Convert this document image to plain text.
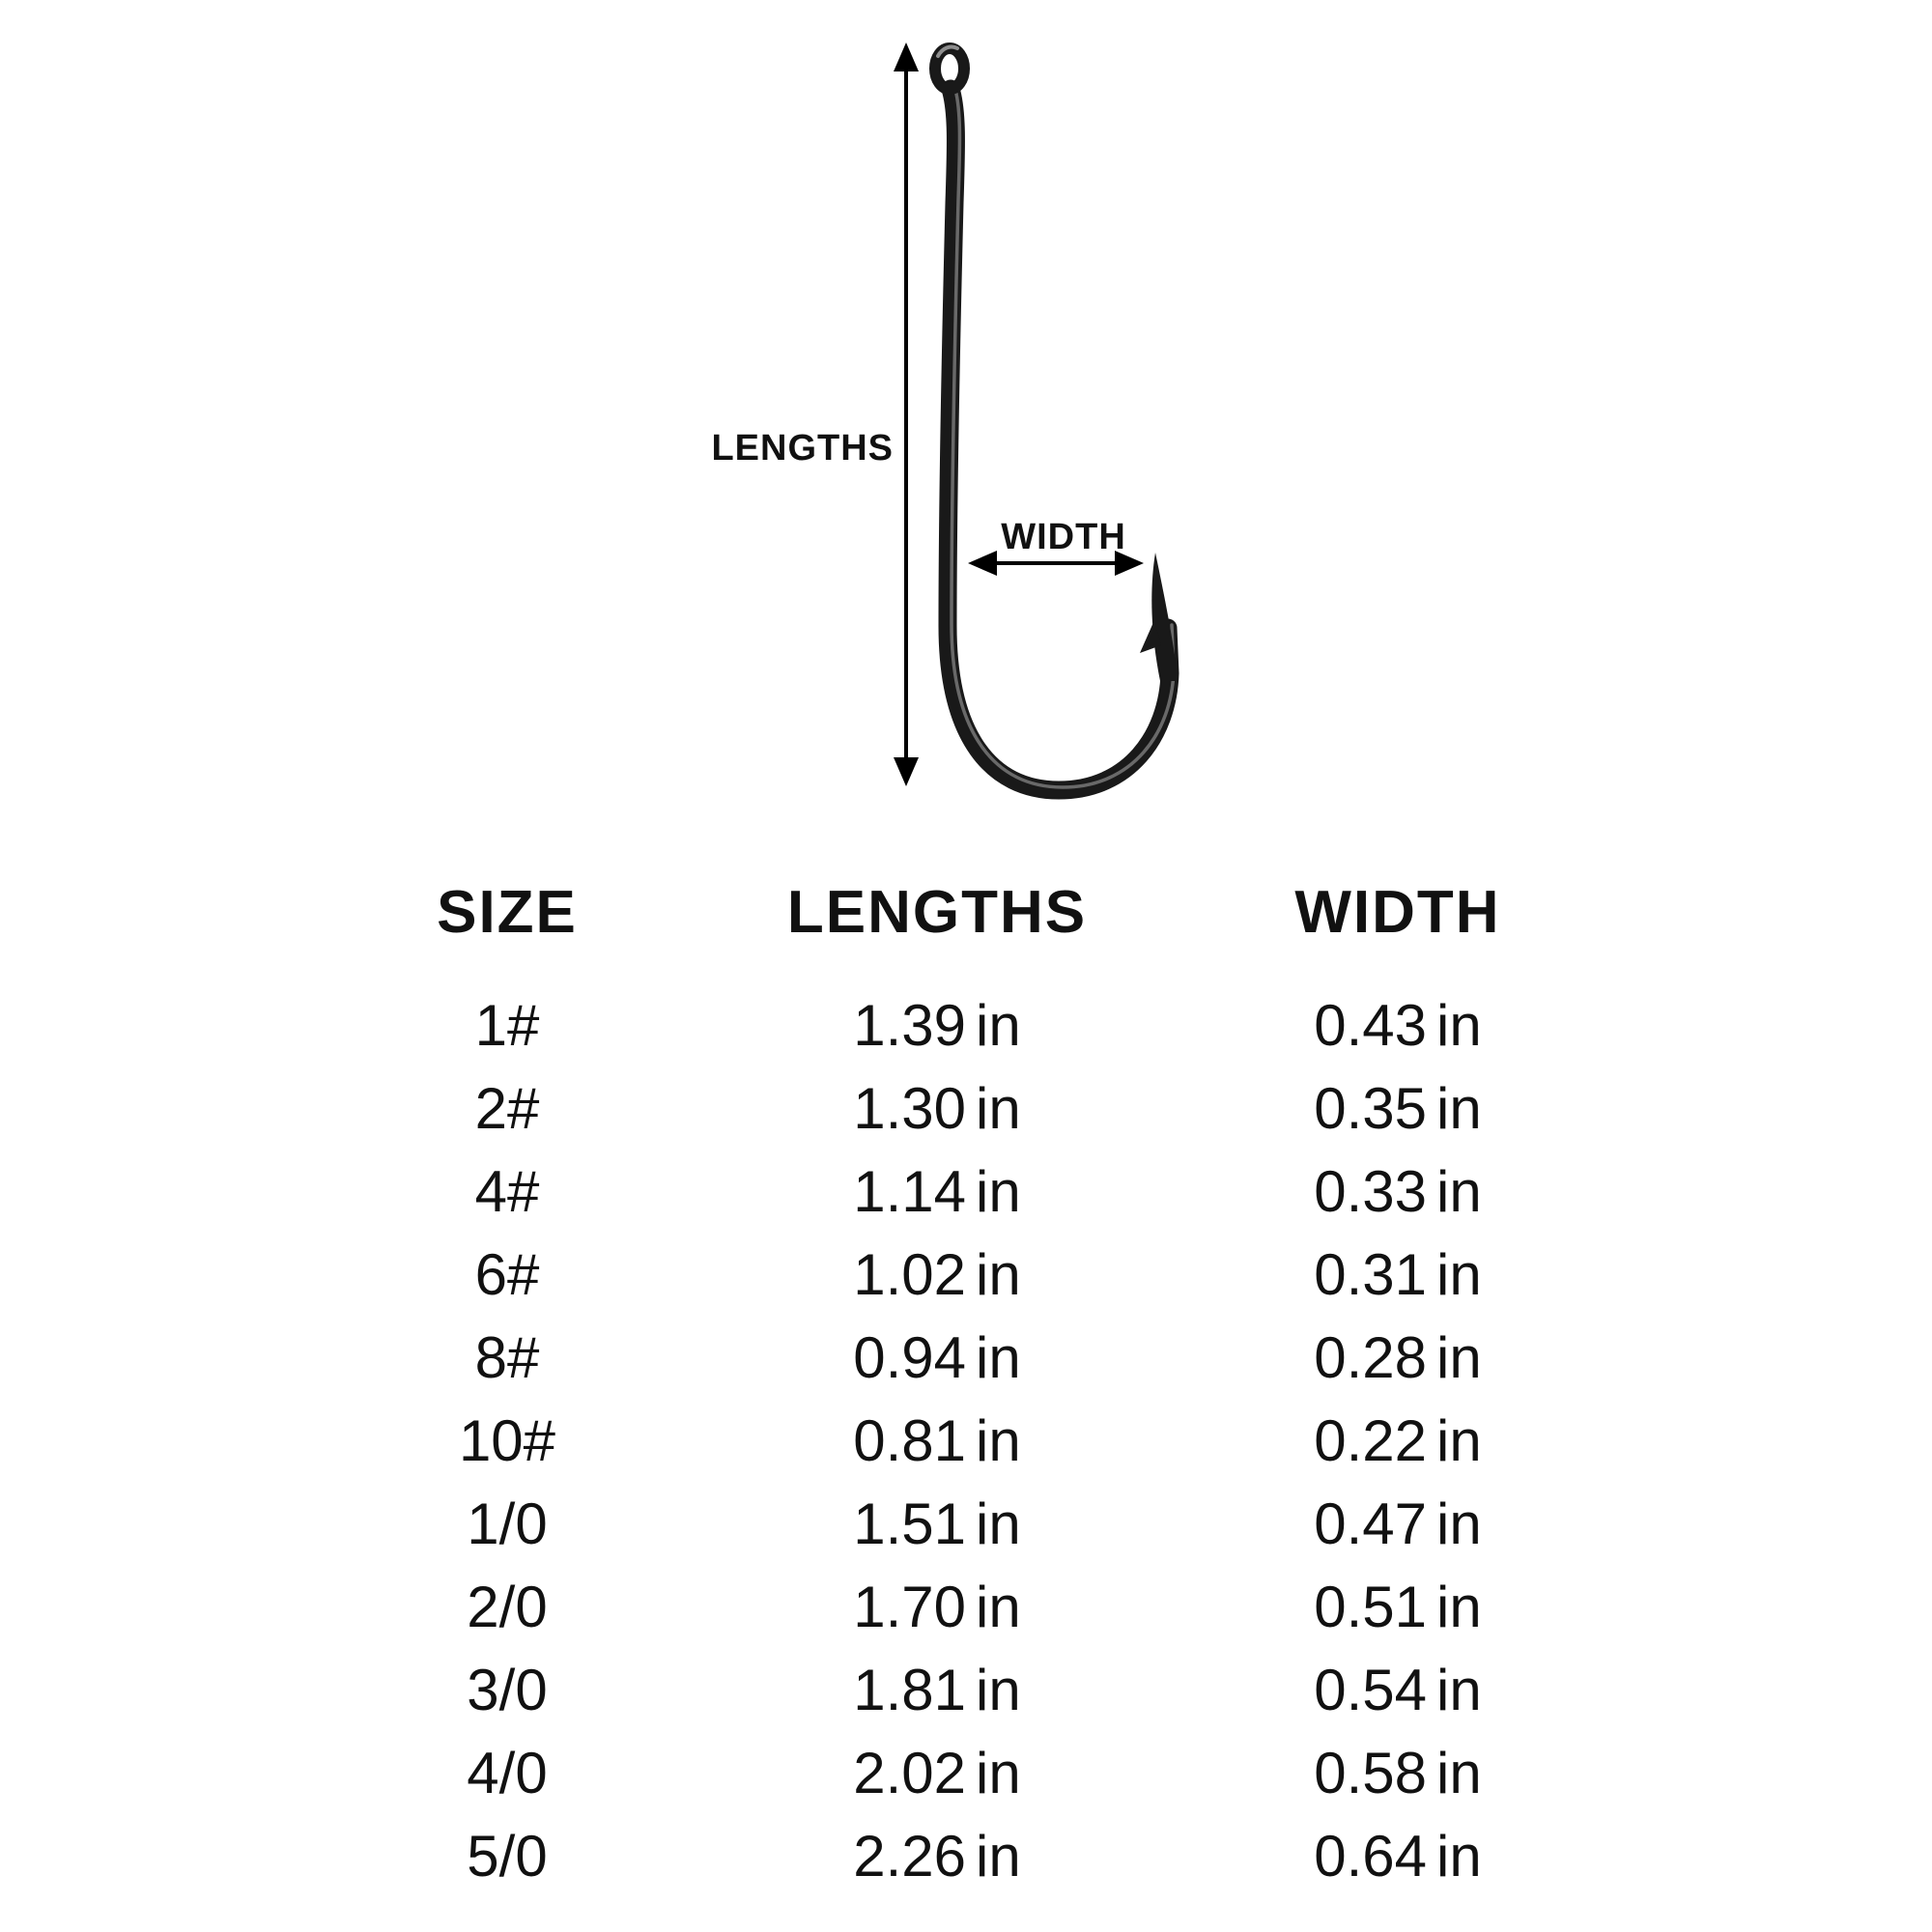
LENGTHS
WIDTH
SIZE	LENGTHS	WIDTH
1#	1.39 in	0.43 in
2#	1.30 in	0.35 in
4#	1.14 in	0.33 in
6#	1.02 in	0.31 in
8#	0.94 in	0.28 in
10#	0.81 in	0.22 in
1/0	1.51 in	0.47 in
2/0	1.70 in	0.51 in
3/0	1.81 in	0.54 in
4/0	2.02 in	0.58 in
5/0	2.26 in	0.64 in
